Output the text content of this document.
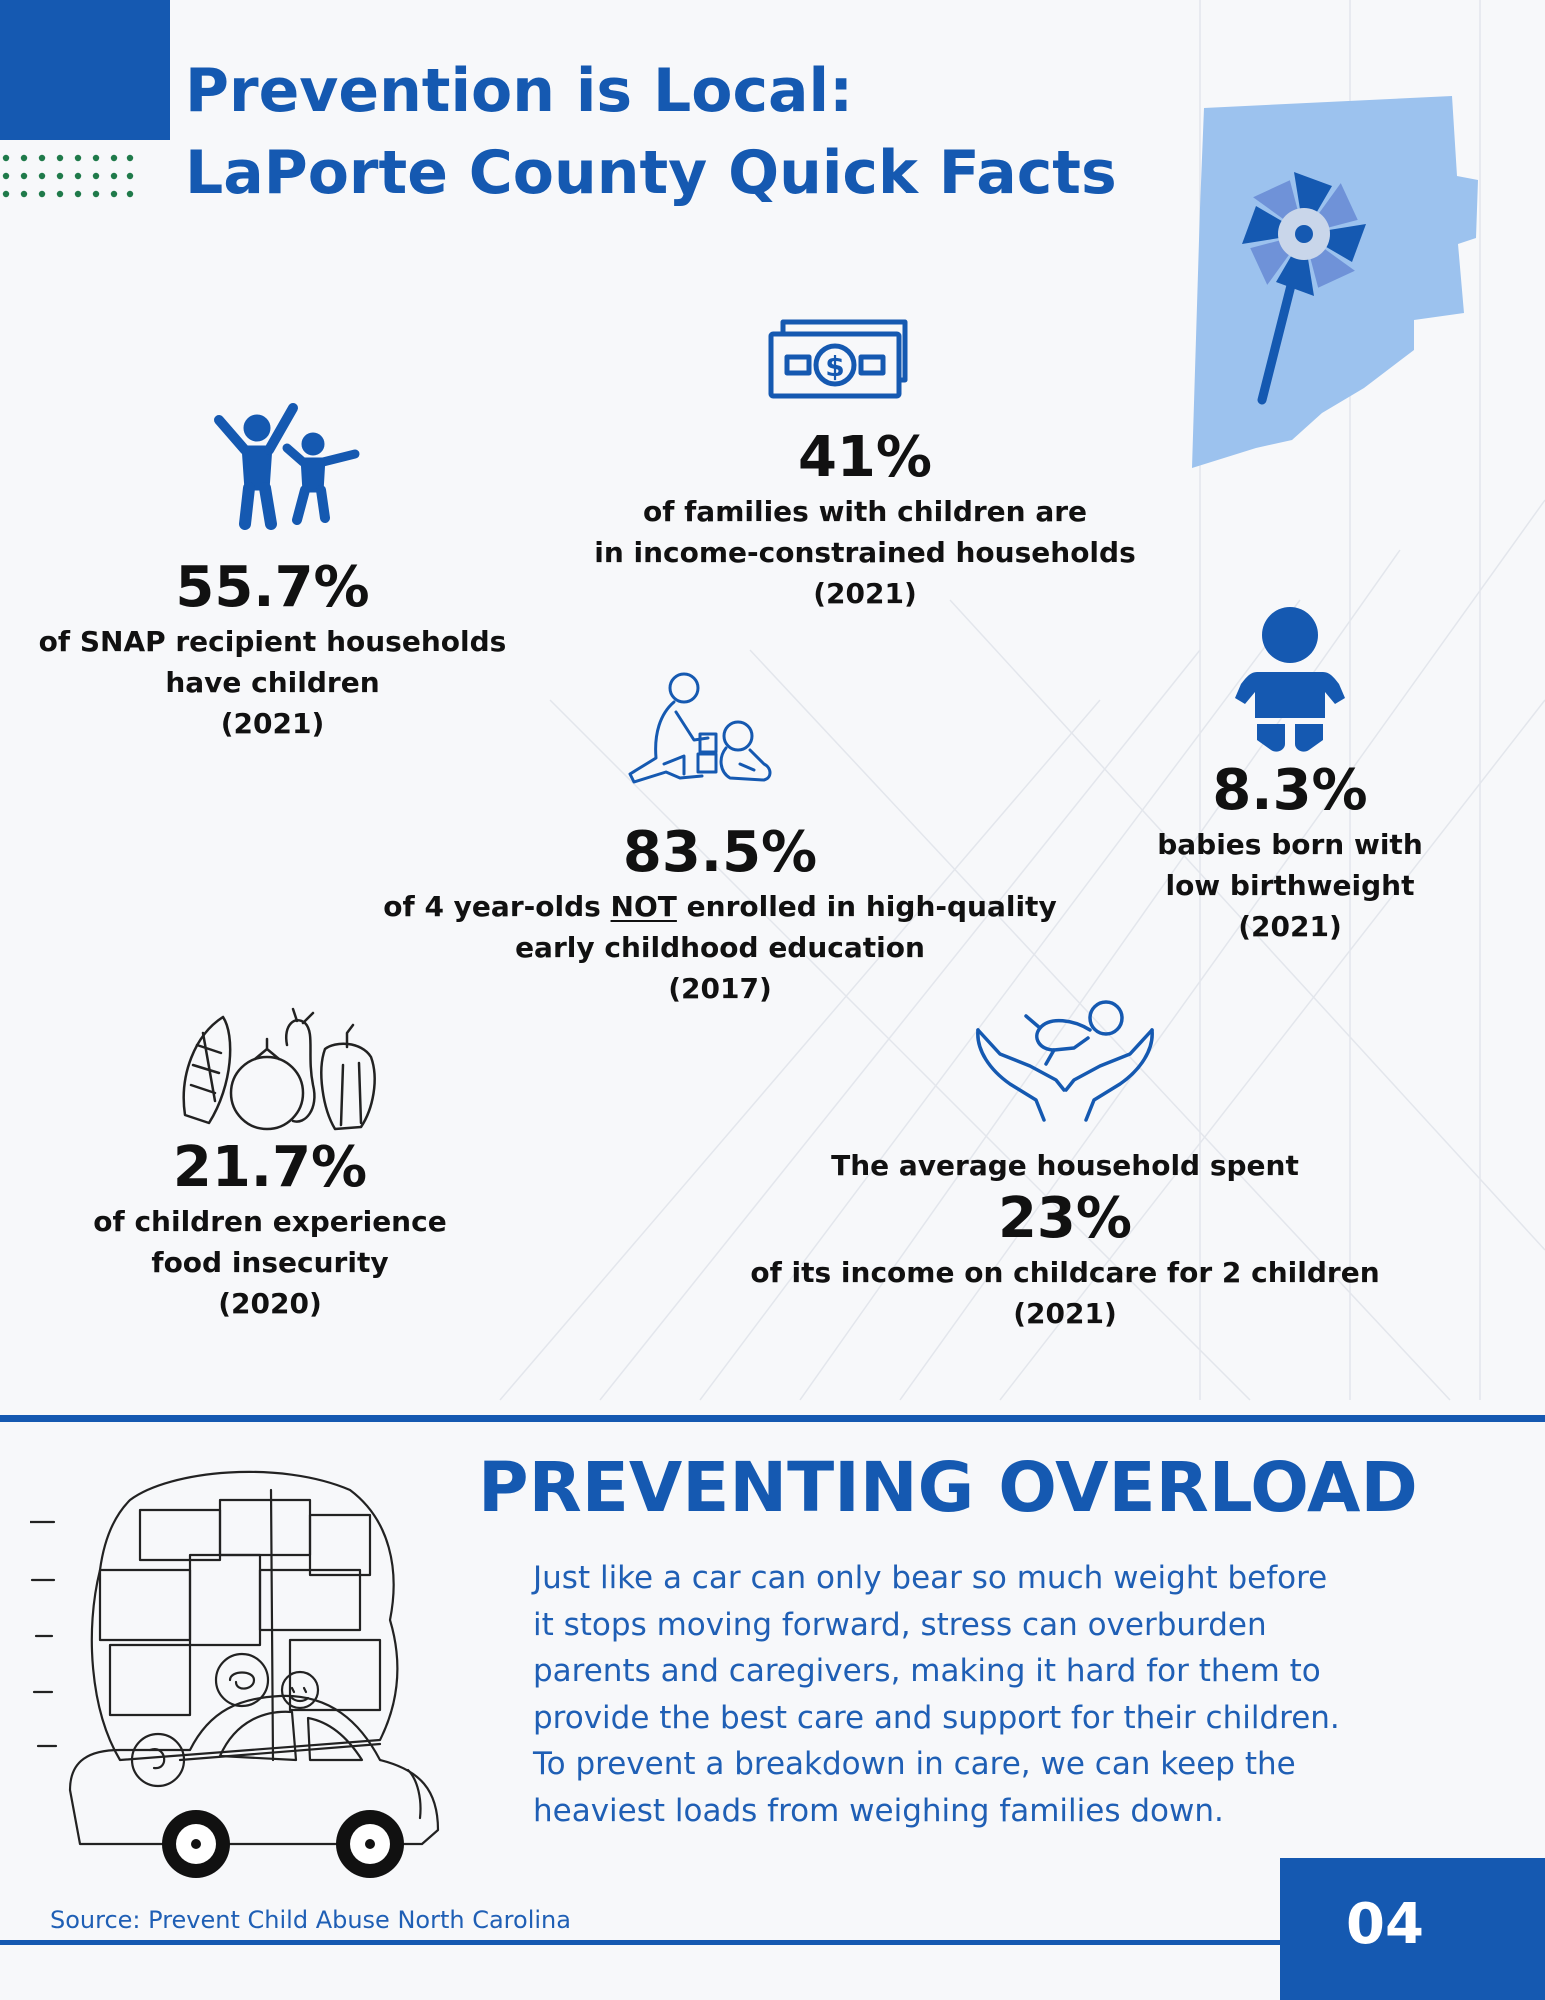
Prevention is Local:
LaPorte County Quick Facts
55.7%
of SNAP recipient households
have children
(2021)
$
41%
of families with children are
in income-constrained households
(2021)
83.5%
of 4 year-olds NOT enrolled in high-quality
early childhood education
(2017)
8.3%
babies born with
low birthweight
(2021)
21.7%
of children experience
food insecurity
(2020)
The average household spent
23%
of its income on childcare for 2 children
(2021)
PREVENTING OVERLOAD
Just like a car can only bear so much weight before
it stops moving forward, stress can overburden
parents and caregivers, making it hard for them to
provide the best care and support for their children.
To prevent a breakdown in care, we can keep the
heaviest loads from weighing families down.
Source: Prevent Child Abuse North Carolina	04
